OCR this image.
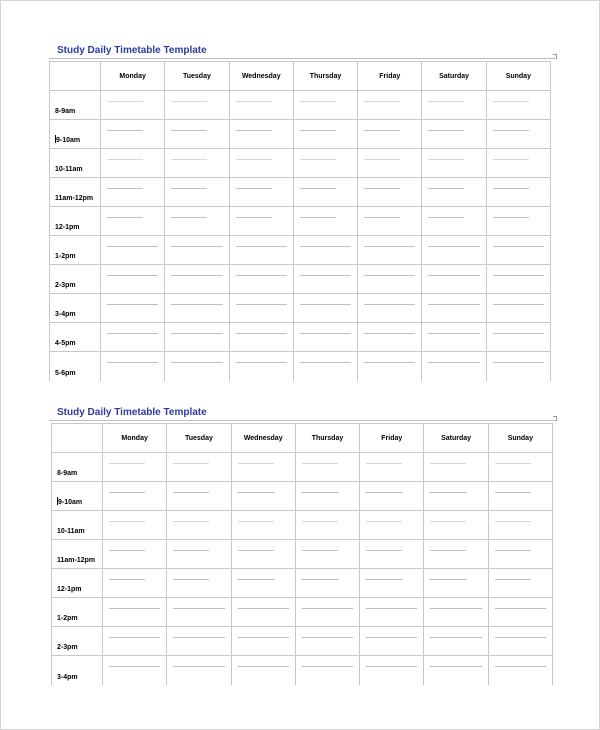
Study Daily Timetable Template
	Monday	Tuesday	Wednesday	Thursday	Friday	Saturday	Sunday
8-9am	

9-10am	

10-11am	

11am-12pm	

12-1pm	

1-2pm	

2-3pm	

3-4pm	

4-5pm	

5-6pm	

Study Daily Timetable Template
	Monday	Tuesday	Wednesday	Thursday	Friday	Saturday	Sunday
8-9am	

9-10am	

10-11am	

11am-12pm	

12-1pm	

1-2pm	

2-3pm	

3-4pm	
